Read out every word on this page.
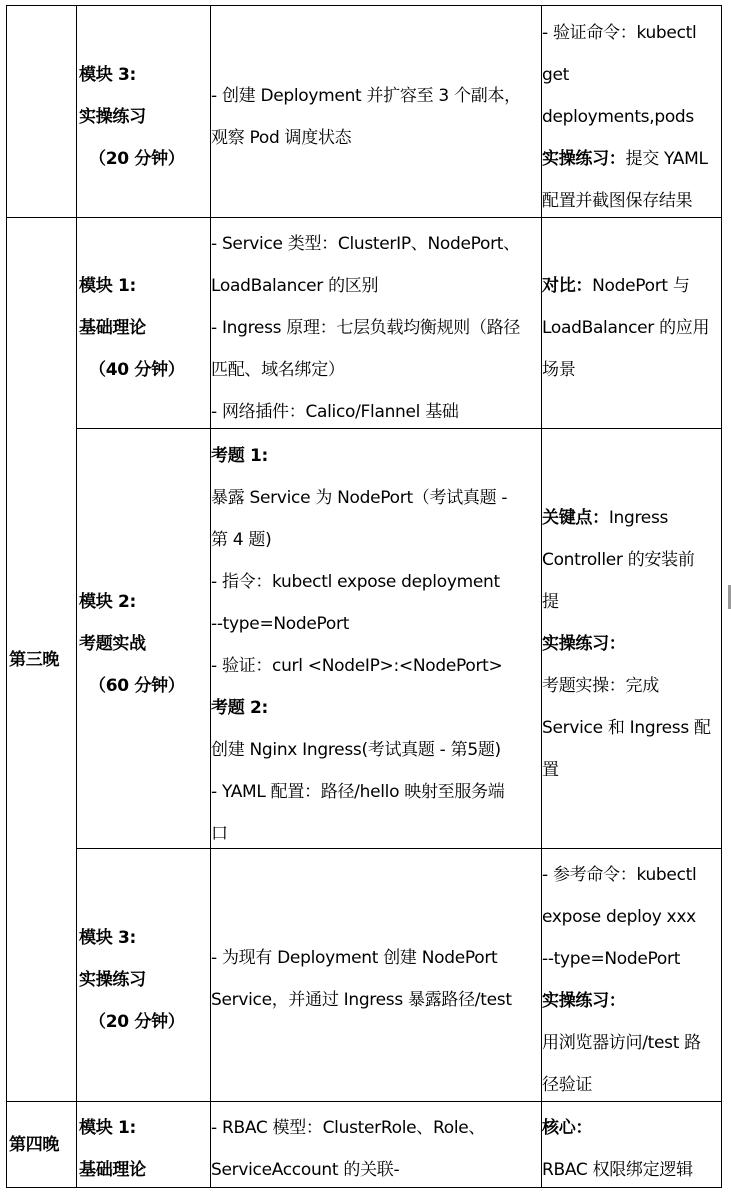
第三晚
第四晚
模块 3:
实操练习
（20 分钟）
- 创建 Deployment 并扩容至 3 个副本，
观察 Pod 调度状态
- 验证命令：kubectl
get
deployments,pods
实操练习：提交 YAML
配置并截图保存结果
模块 1:
基础理论
（40 分钟）
- Service 类型：ClusterIP、NodePort、
LoadBalancer 的区别
- Ingress 原理：七层负载均衡规则（路径
匹配、域名绑定）
- 网络插件：Calico/Flannel 基础
对比：NodePort 与
LoadBalancer 的应用
场景
模块 2:
考题实战
（60 分钟）
考题 1:
暴露 Service 为 NodePort（考试真题 -
第 4 题)
- 指令：kubectl expose deployment
--type=NodePort
- 验证：curl <NodeIP>:<NodePort>
考题 2:
创建 Nginx Ingress(考试真题 - 第5题)
- YAML 配置：路径/hello 映射至服务端
口
关键点：Ingress
Controller 的安装前
提
实操练习：
考题实操：完成
Service 和 Ingress 配
置
模块 3:
实操练习
（20 分钟）
- 为现有 Deployment 创建 NodePort
Service，并通过 Ingress 暴露路径/test
- 参考命令：kubectl
expose deploy xxx
--type=NodePort
实操练习：
用浏览器访问/test 路
径验证
模块 1:
基础理论
- RBAC 模型：ClusterRole、Role、
ServiceAccount 的关联-
核心：
RBAC 权限绑定逻辑
